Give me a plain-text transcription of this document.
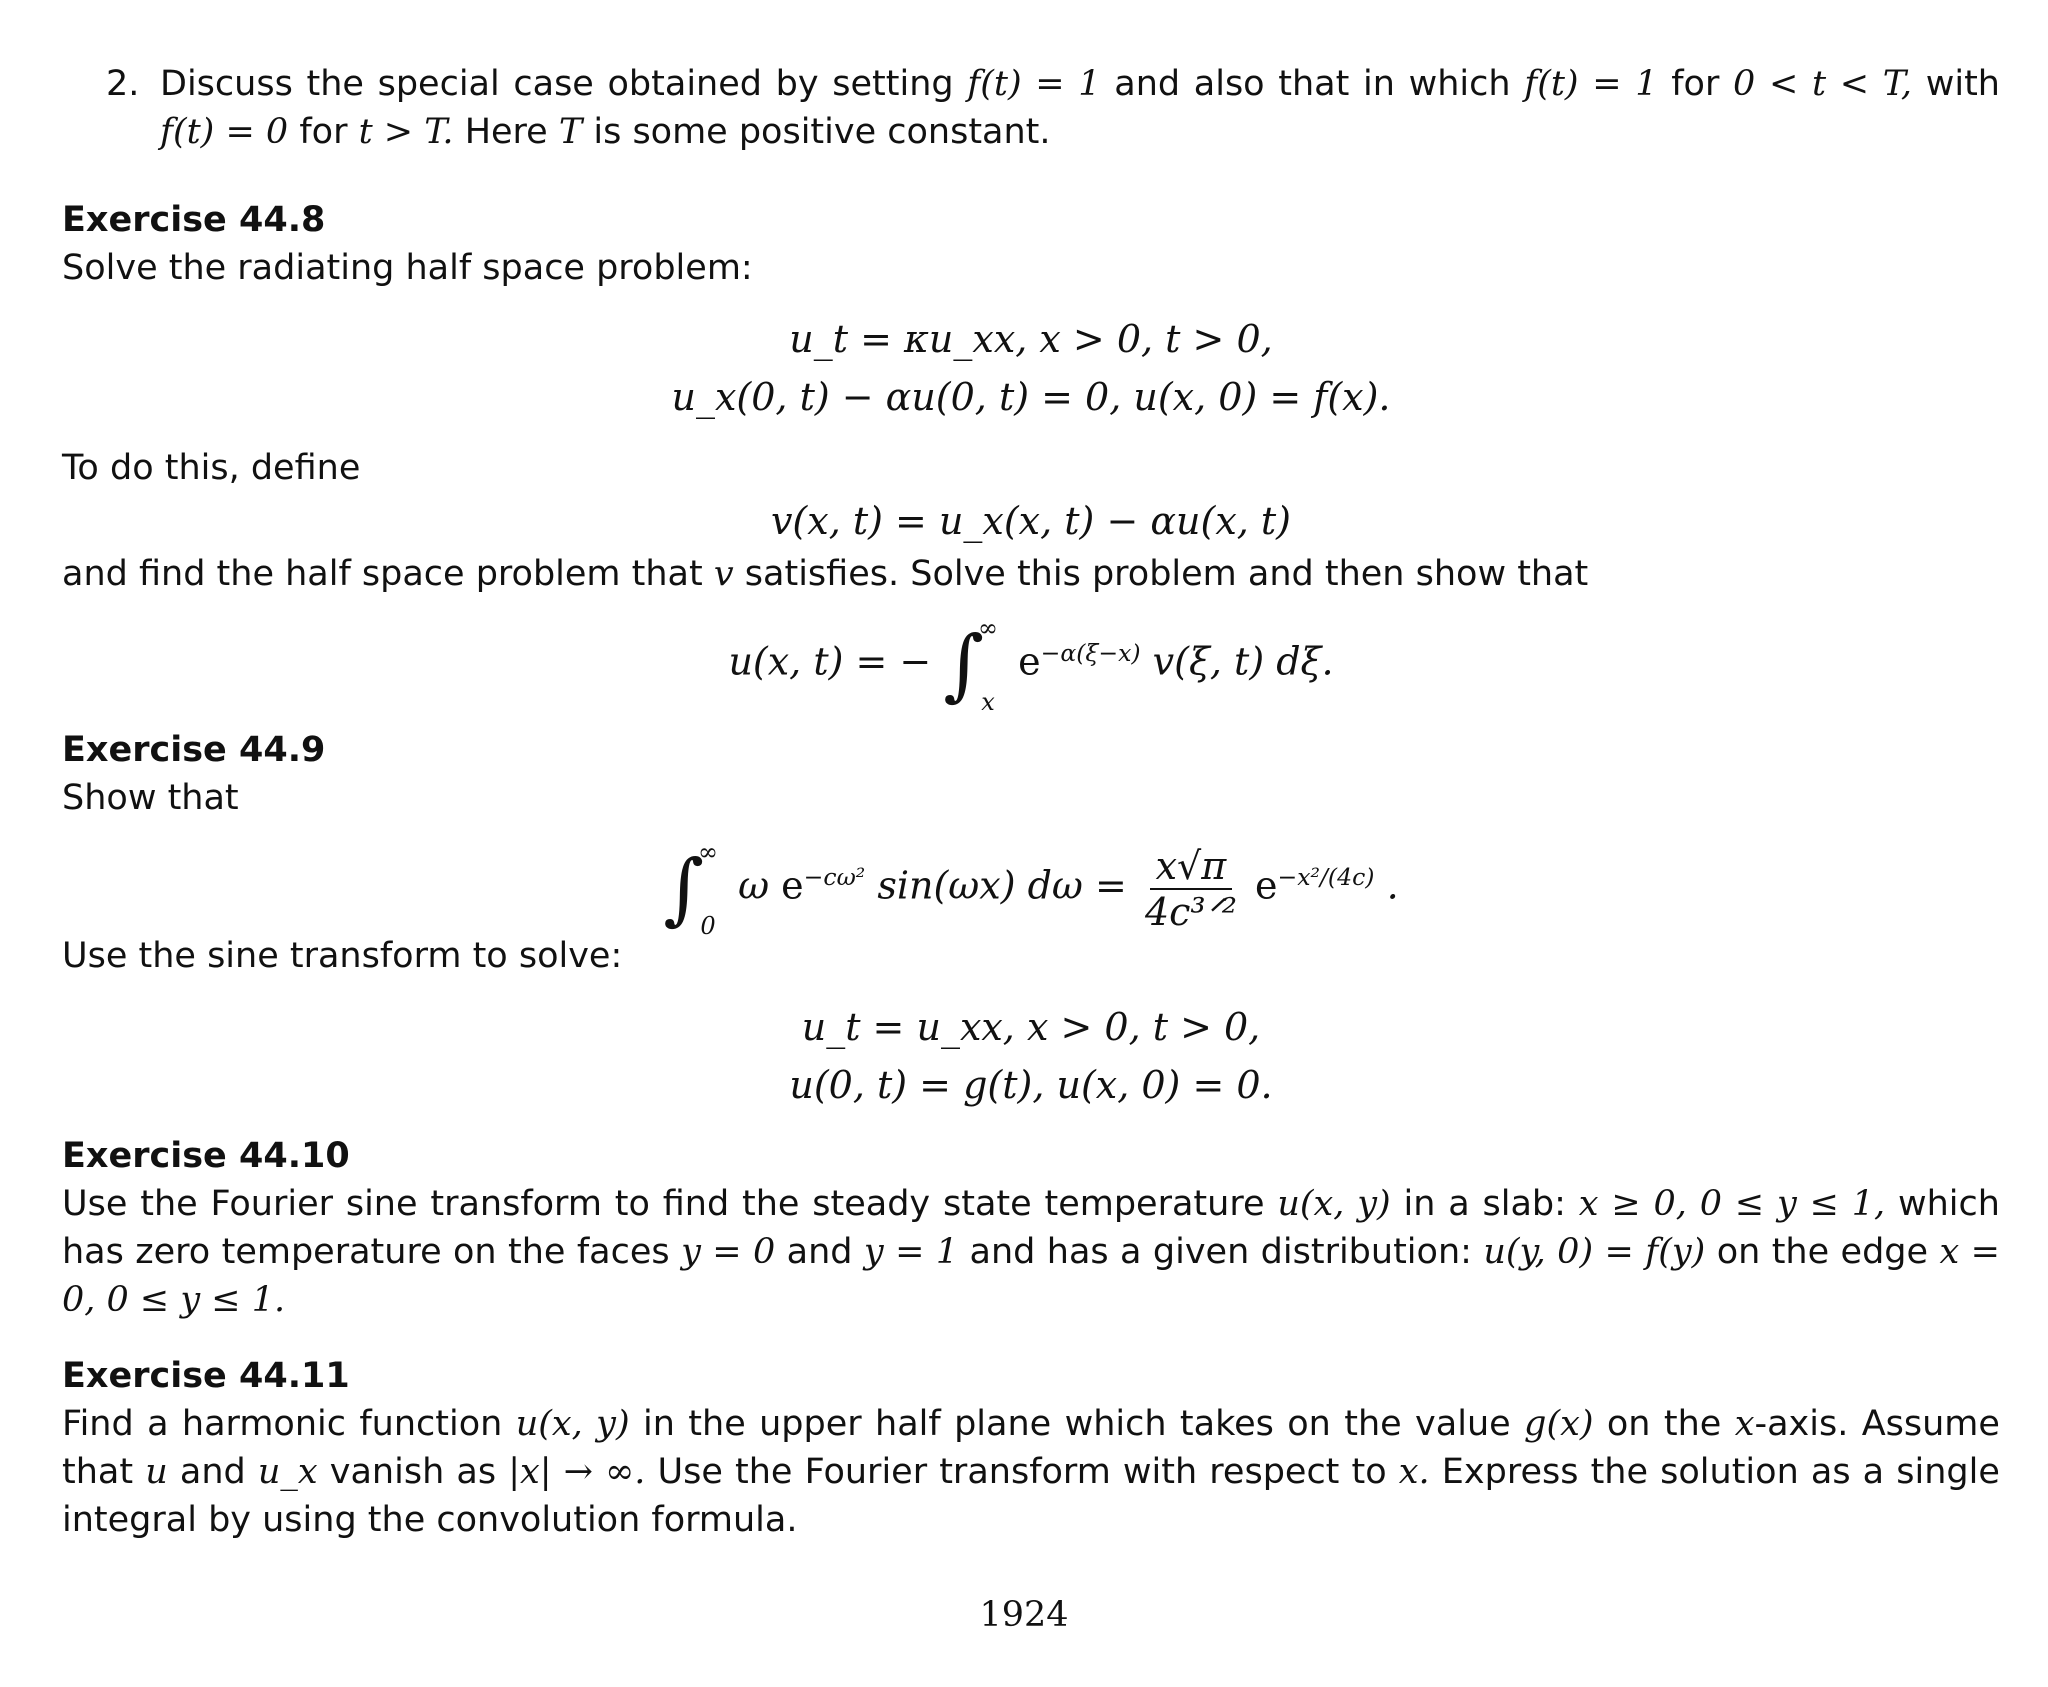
2. Discuss the special case obtained by setting f(t) = 1 and also that in which f(t) = 1 for 0 < t < T, with f(t) = 0 for t > T. Here T is some positive constant.
Exercise 44.8

Solve the radiating half space problem:

u_t = κu_xx, x > 0, t > 0,

u_x(0, t) − αu(0, t) = 0, u(x, 0) = f(x).

To do this, define

v(x, t) = u_x(x, t) − αu(x, t)

and find the half space problem that v satisfies. Solve this problem and then show that

u(x, t) = − ∫
∞
x
$e^{-\alpha(\xi-x)}$ v(ξ, t) dξ.
Exercise 44.9

Show that

∫
∞
0
ω $e^{-c\omega^2}$ sin(ωx) $d\omega = \frac{x√\pi}{\text{4c³ᐟ²}} e^{-x^2/(4c)}$ .

Use the sine transform to solve:

u_t = u_xx, x > 0, t > 0,

u(0, t) = g(t), u(x, 0) = 0.

Exercise 44.10

Use the Fourier sine transform to find the steady state temperature u(x, y) in a slab: x ≥ 0, 0 ≤ y ≤ 1, which has zero temperature on the faces y = 0 and y = 1 and has a given distribution: u(y, 0) = f(y) on the edge x = 0, 0 ≤ y ≤ 1.

Exercise 44.11

Find a harmonic function u(x, y) in the upper half plane which takes on the value g(x) on the x-axis. Assume that u and u_x vanish as |x| → ∞. Use the Fourier transform with respect to x. Express the solution as a single integral by using the convolution formula.

1924
